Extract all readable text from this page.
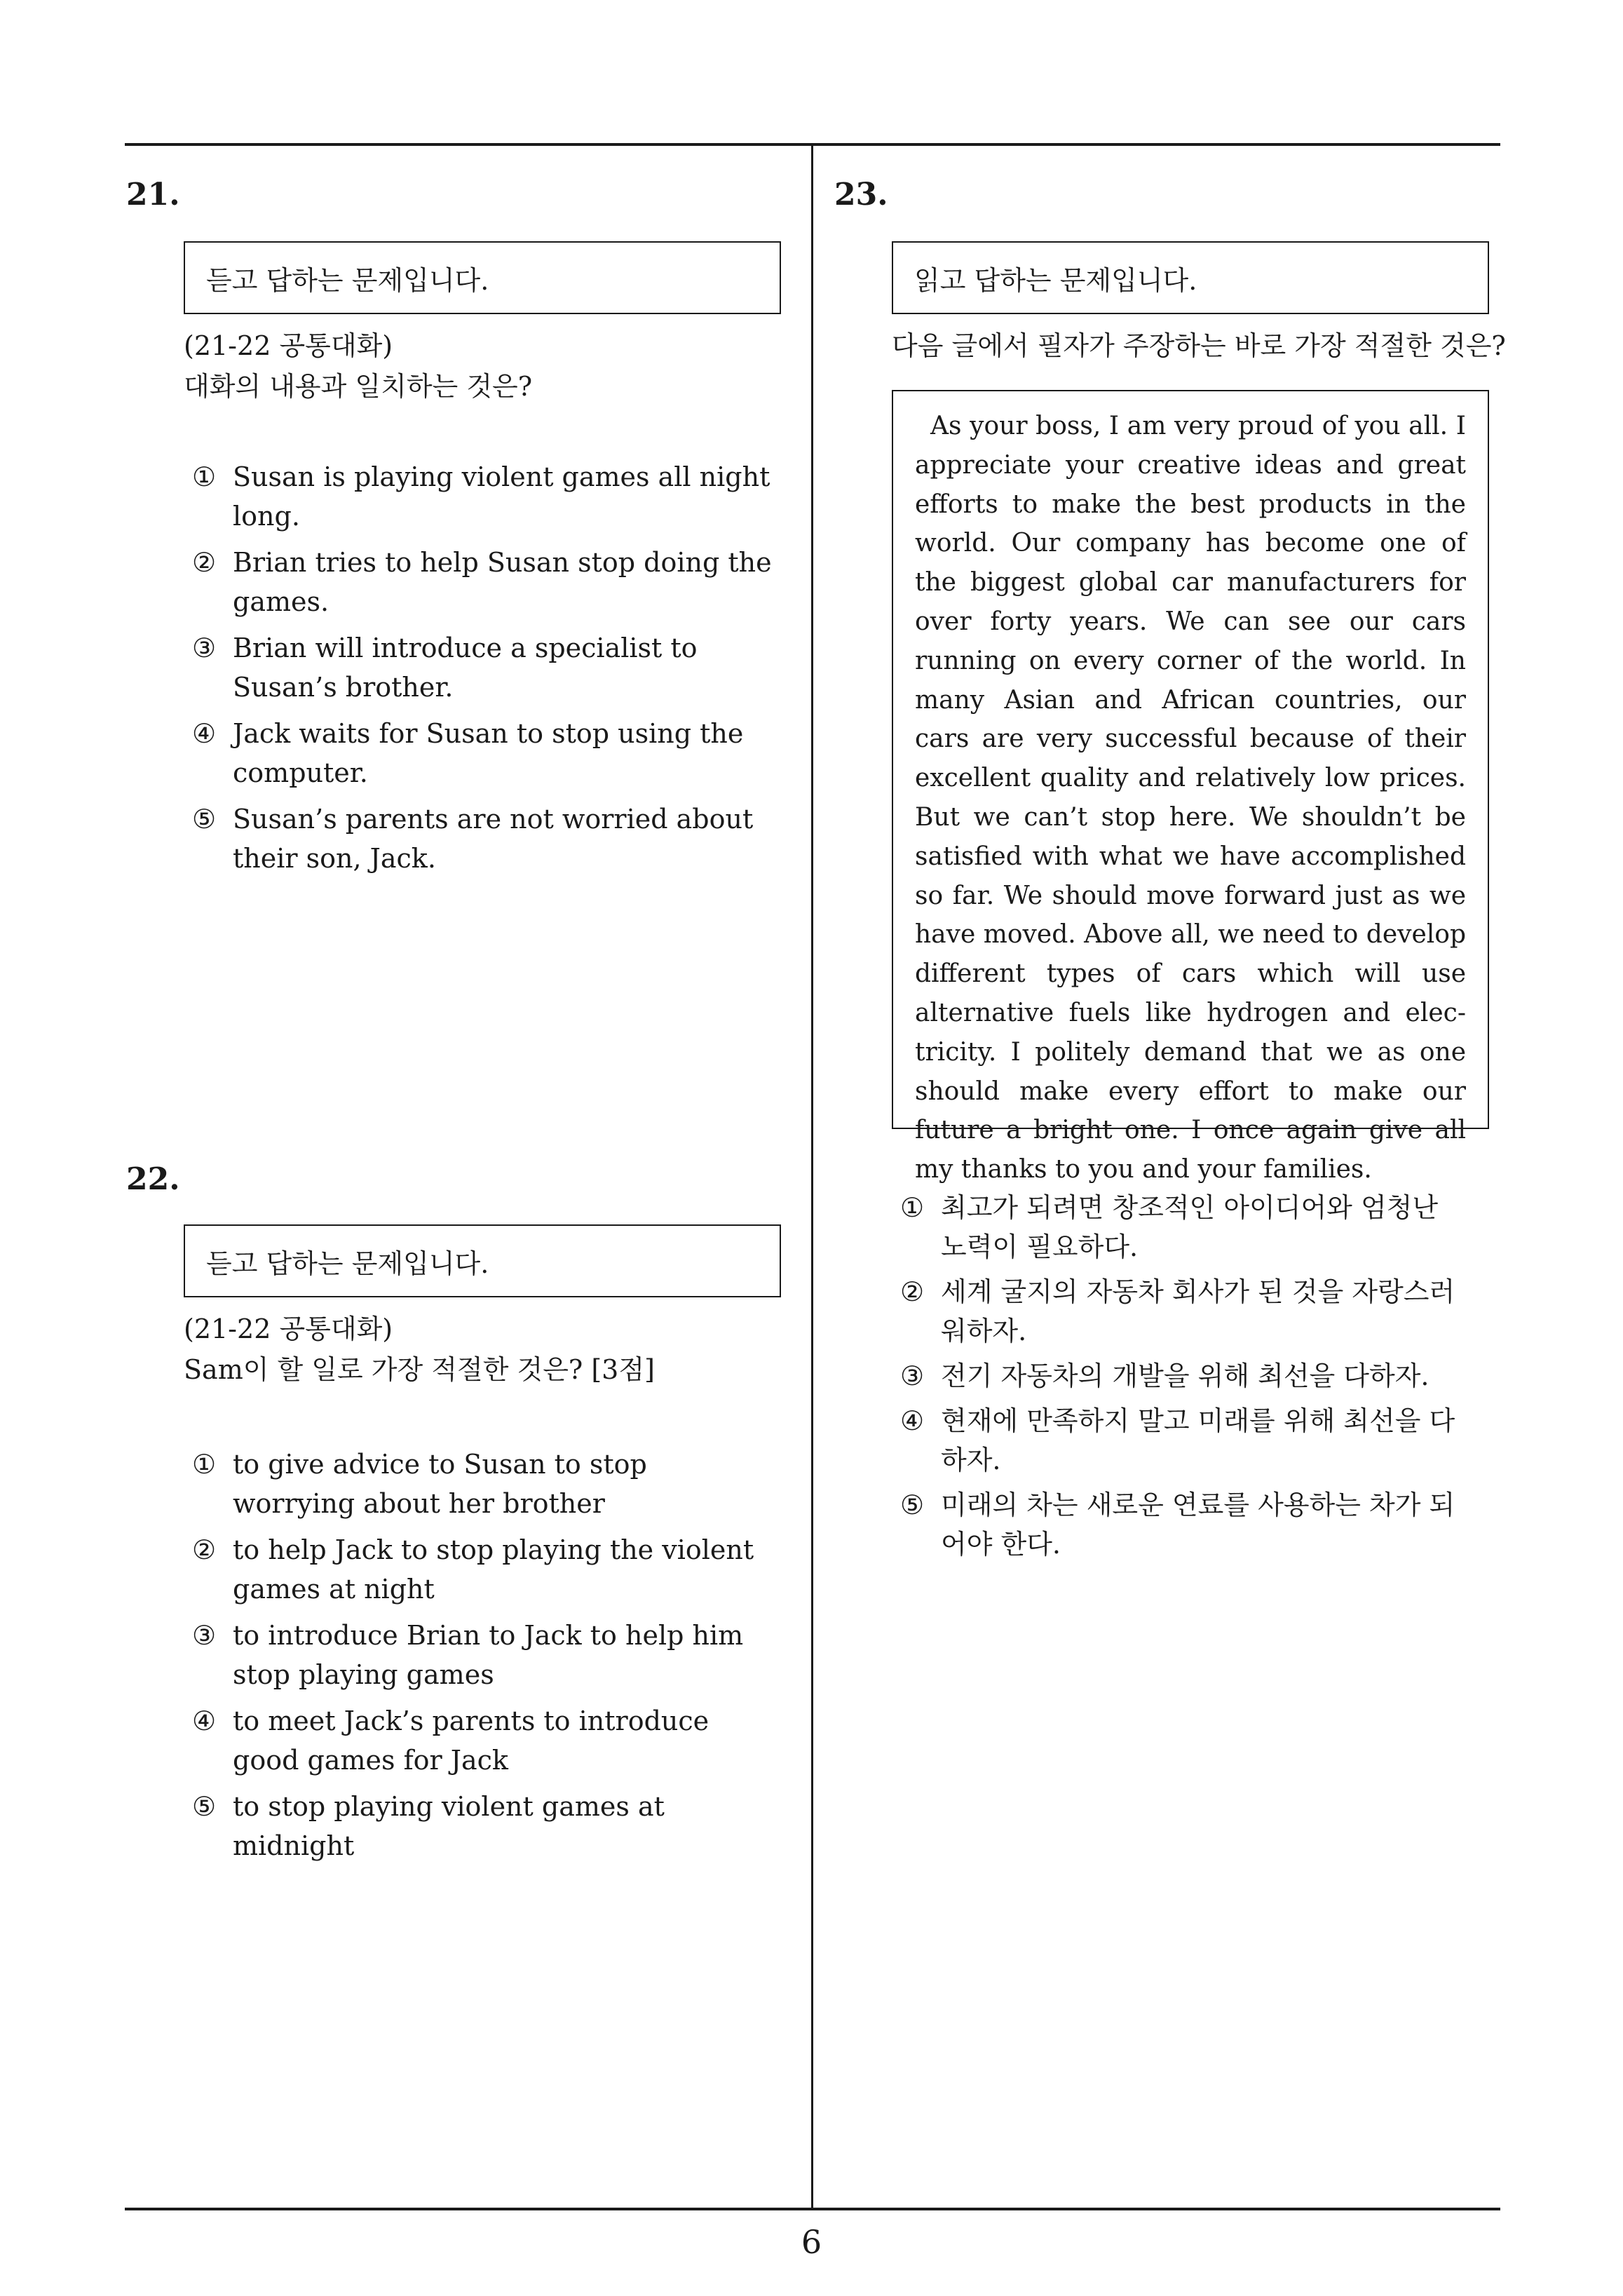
21.
듣고 답하는 문제입니다.
(21-22 공통대화)
대화의 내용과 일치하는 것은?
① Susan is playing violent games all night long.
② Brian tries to help Susan stop doing the games.
③ Brian will introduce a specialist to Susan’s brother.
④ Jack waits for Susan to stop using the computer.
⑤ Susan’s parents are not worried about their son, Jack.
22.
듣고 답하는 문제입니다.
(21-22 공통대화)
Sam이 할 일로 가장 적절한 것은? [3점]
① to give advice to Susan to stop worrying about her brother
② to help Jack to stop playing the violent games at night
③ to introduce Brian to Jack to help him stop playing games
④ to meet Jack’s parents to introduce good games for Jack
⑤ to stop playing violent games at midnight
23.
읽고 답하는 문제입니다.
다음 글에서 필자가 주장하는 바로 가장 적절한 것은?
As your boss, I am very proud of you all. I appreciate your creative ideas and great efforts to make the best products in the world. Our company has become one of the biggest global car manufacturers for over forty years. We can see our cars running on every corner of the world. In many Asian and African countries, our cars are very successful because of their excellent quality and relatively low prices. But we can’t stop here. We shouldn’t be satisfied with what we have accomplished so far. We should move forward just as we have moved. Above all, we need to develop different types of cars which will use alternative fuels like hydrogen and electricity. I politely demand that we as one should make every effort to make our future a bright one. I once again give all my thanks to you and your families.
① 최고가 되려면 창조적인 아이디어와 엄청난 노력이 필요하다.
② 세계 굴지의 자동차 회사가 된 것을 자랑스러워하자.
③ 전기 자동차의 개발을 위해 최선을 다하자.
④ 현재에 만족하지 말고 미래를 위해 최선을 다하자.
⑤ 미래의 차는 새로운 연료를 사용하는 차가 되어야 한다.
6
